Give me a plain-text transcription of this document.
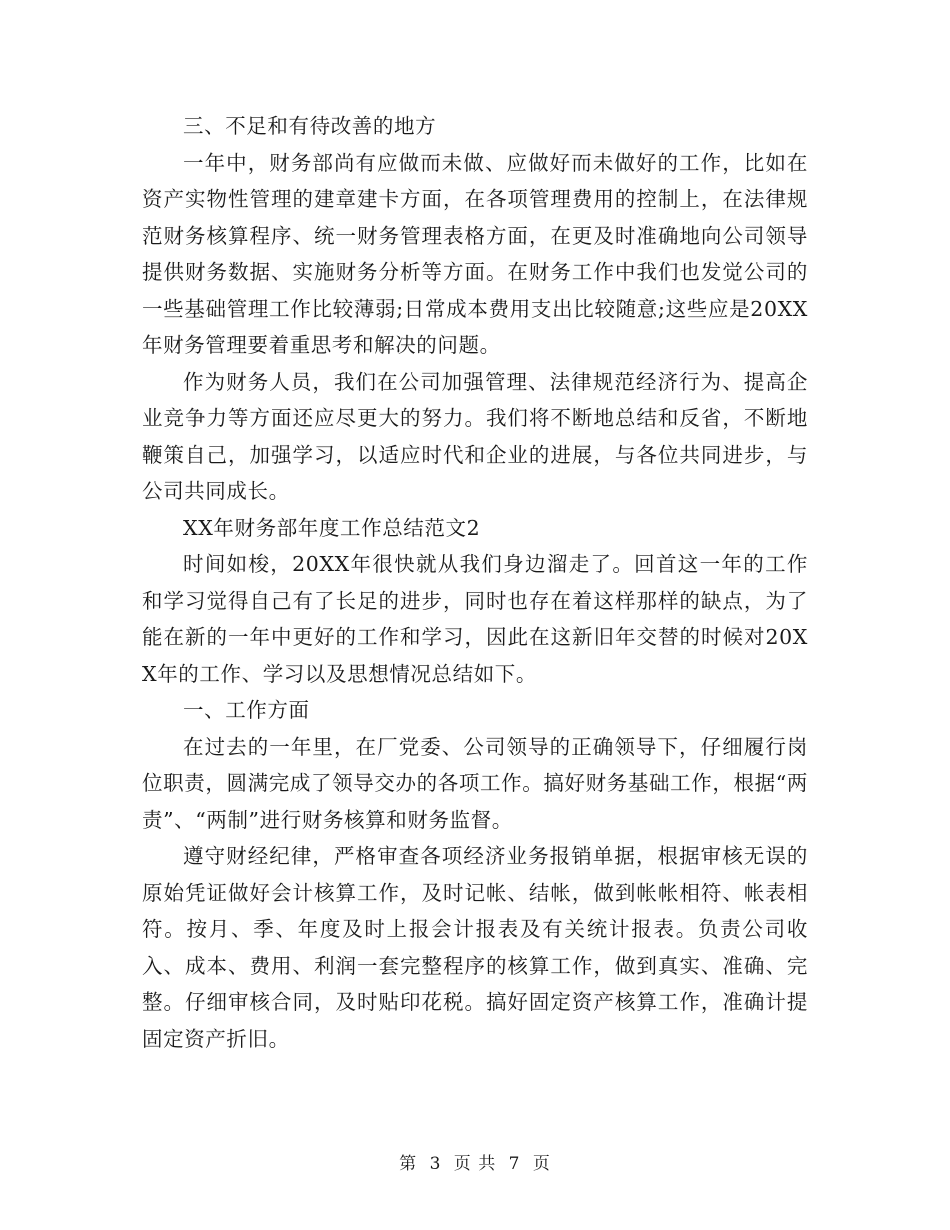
三、不足和有待改善的地方

一年中，财务部尚有应做而未做、应做好而未做好的工作，比如在资产实物性管理的建章建卡方面，在各项管理费用的控制上，在法律规范财务核算程序、统一财务管理表格方面，在更及时准确地向公司领导提供财务数据、实施财务分析等方面。在财务工作中我们也发觉公司的一些基础管理工作比较薄弱;日常成本费用支出比较随意;这些应是20XX年财务管理要着重思考和解决的问题。

作为财务人员，我们在公司加强管理、法律规范经济行为、提高企业竞争力等方面还应尽更大的努力。我们将不断地总结和反省，不断地鞭策自己，加强学习，以适应时代和企业的进展，与各位共同进步，与公司共同成长。

XX年财务部年度工作总结范文2

时间如梭，20XX年很快就从我们身边溜走了。回首这一年的工作和学习觉得自己有了长足的进步，同时也存在着这样那样的缺点，为了能在新的一年中更好的工作和学习，因此在这新旧年交替的时候对20XX年的工作、学习以及思想情况总结如下。

一、工作方面

在过去的一年里，在厂党委、公司领导的正确领导下，仔细履行岗位职责，圆满完成了领导交办的各项工作。搞好财务基础工作，根据“两责”、“两制”进行财务核算和财务监督。

遵守财经纪律，严格审查各项经济业务报销单据，根据审核无误的原始凭证做好会计核算工作，及时记帐、结帐，做到帐帐相符、帐表相符。按月、季、年度及时上报会计报表及有关统计报表。负责公司收入、成本、费用、利润一套完整程序的核算工作，做到真实、准确、完整。仔细审核合同，及时贴印花税。搞好固定资产核算工作，准确计提固定资产折旧。

第 3 页 共 7 页
